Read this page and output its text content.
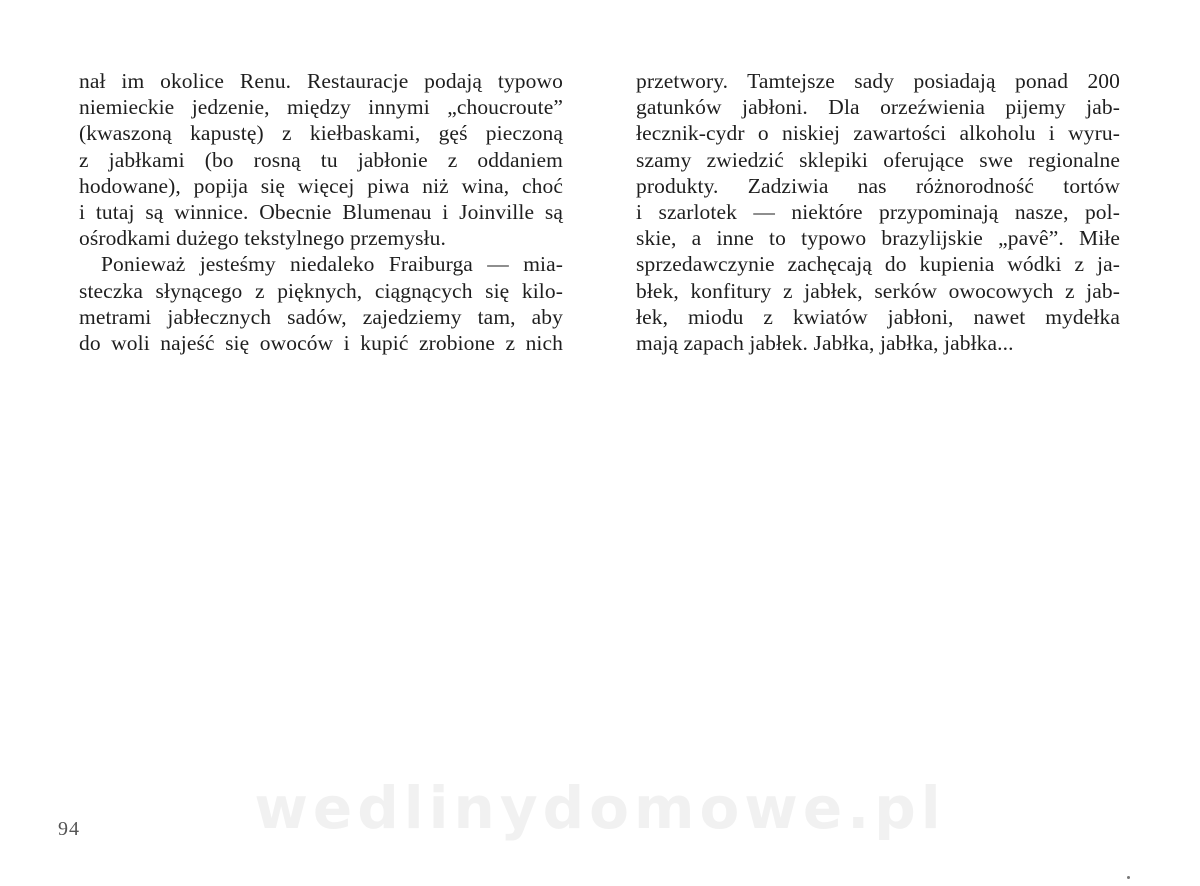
nał im okolice Renu. Restauracje podają typowo
niemieckie jedzenie, między innymi „choucroute”
(kwaszoną kapustę) z kiełbaskami, gęś pieczoną
z jabłkami (bo rosną tu jabłonie z oddaniem
hodowane), popija się więcej piwa niż wina, choć
i tutaj są winnice. Obecnie Blumenau i Joinville są
ośrodkami dużego tekstylnego przemysłu.
Ponieważ jesteśmy niedaleko Fraiburga — mia-
steczka słynącego z pięknych, ciągnących się kilo-
metrami jabłecznych sadów, zajedziemy tam, aby
do woli najeść się owoców i kupić zrobione z nich
przetwory. Tamtejsze sady posiadają ponad 200
gatunków jabłoni. Dla orzeźwienia pijemy jab-
łecznik-cydr o niskiej zawartości alkoholu i wyru-
szamy zwiedzić sklepiki oferujące swe regionalne
produkty. Zadziwia nas różnorodność tortów
i szarlotek — niektóre przypominają nasze, pol-
skie, a inne to typowo brazylijskie „pavê”. Miłe
sprzedawczynie zachęcają do kupienia wódki z ja-
błek, konfitury z jabłek, serków owocowych z jab-
łek, miodu z kwiatów jabłoni, nawet mydełka
mają zapach jabłek. Jabłka, jabłka, jabłka...
wedlinydomowe.pl
94
